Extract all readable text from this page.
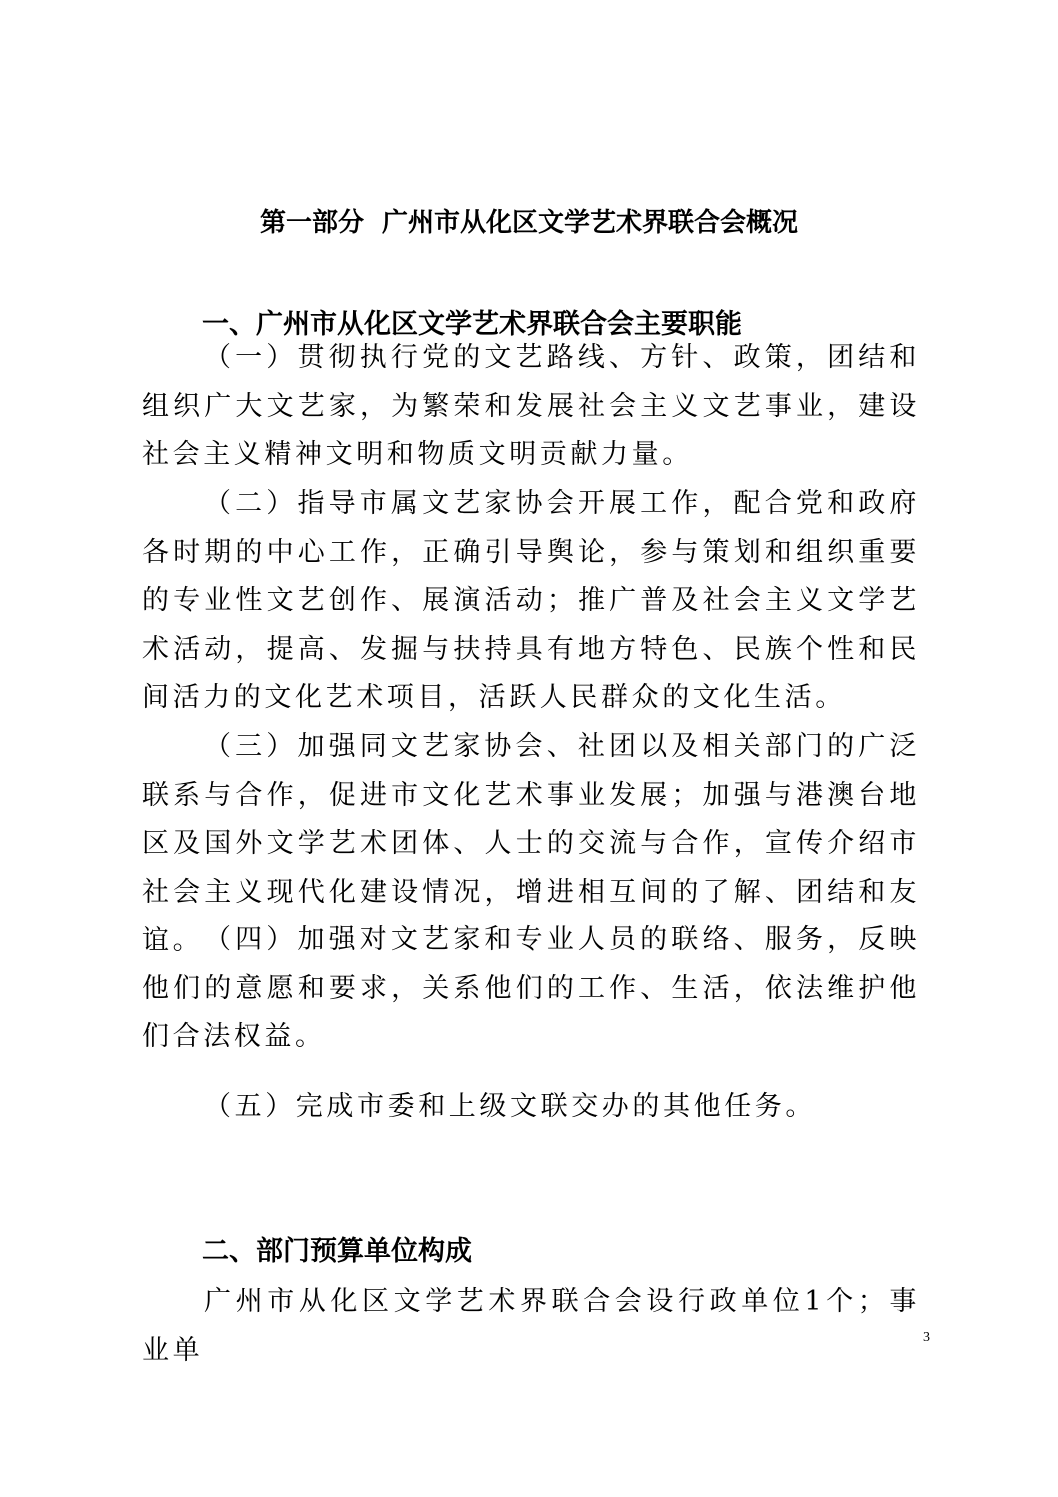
第一部分  广州市从化区文学艺术界联合会概况
一、广州市从化区文学艺术界联合会主要职能

（一）贯彻执行党的文艺路线、方针、政策，团结和组织广大文艺家，为繁荣和发展社会主义文艺事业，建设社会主义精神文明和物质文明贡献力量。

（二）指导市属文艺家协会开展工作，配合党和政府各时期的中心工作，正确引导舆论，参与策划和组织重要的专业性文艺创作、展演活动；推广普及社会主义文学艺术活动，提高、发掘与扶持具有地方特色、民族个性和民间活力的文化艺术项目，活跃人民群众的文化生活。

（三）加强同文艺家协会、社团以及相关部门的广泛联系与合作，促进市文化艺术事业发展；加强与港澳台地区及国外文学艺术团体、人士的交流与合作，宣传介绍市社会主义现代化建设情况，增进相互间的了解、团结和友谊。 （四）加强对文艺家和专业人员的联络、服务，反映他们的意愿和要求，关系他们的工作、生活，依法维护他们合法权益。

（五）完成市委和上级文联交办的其他任务。

二、部门预算单位构成

广州市从化区文学艺术界联合会设行政单位1个；事业单	3
